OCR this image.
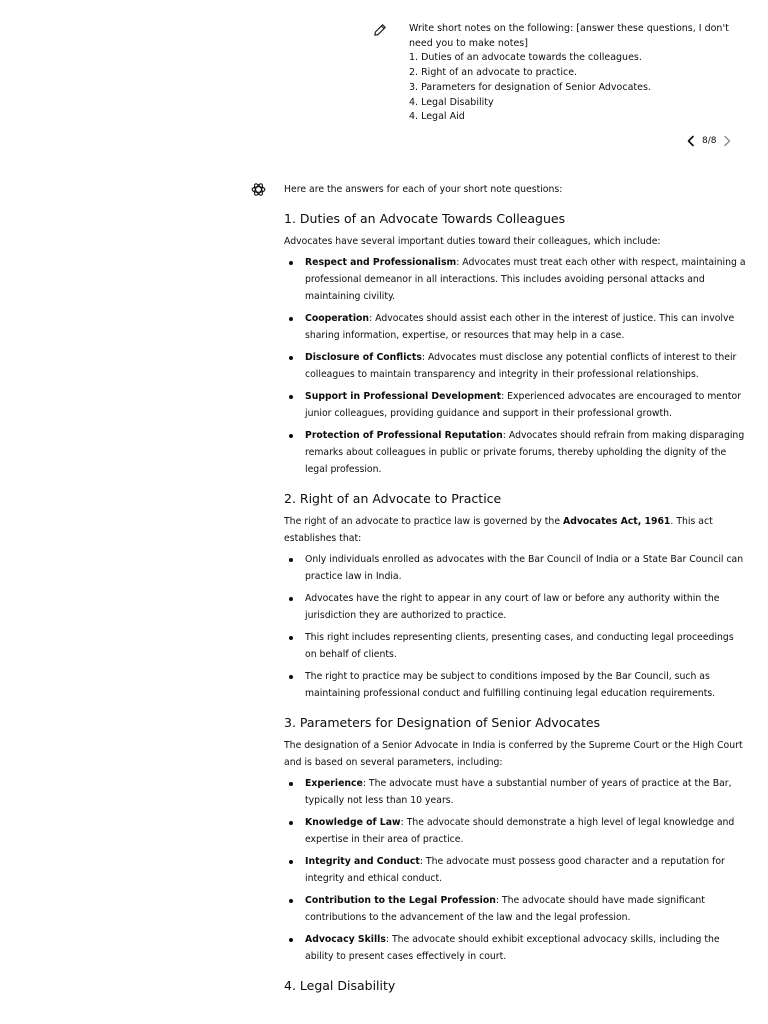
Write short notes on the following: [answer these questions, I don't need you to make notes]
1. Duties of an advocate towards the colleagues.
2. Right of an advocate to practice.
3. Parameters for designation of Senior Advocates.
4. Legal Disability
4. Legal Aid
8/8

Here are the answers for each of your short note questions:

1. Duties of an Advocate Towards Colleagues

Advocates have several important duties toward their colleagues, which include:

Respect and Professionalism: Advocates must treat each other with respect, maintaining a professional demeanor in all interactions. This includes avoiding personal attacks and maintaining civility.
Cooperation: Advocates should assist each other in the interest of justice. This can involve sharing information, expertise, or resources that may help in a case.
Disclosure of Conflicts: Advocates must disclose any potential conflicts of interest to their colleagues to maintain transparency and integrity in their professional relationships.
Support in Professional Development: Experienced advocates are encouraged to mentor junior colleagues, providing guidance and support in their professional growth.
Protection of Professional Reputation: Advocates should refrain from making disparaging remarks about colleagues in public or private forums, thereby upholding the dignity of the legal profession.
2. Right of an Advocate to Practice

The right of an advocate to practice law is governed by the Advocates Act, 1961. This act establishes that:

Only individuals enrolled as advocates with the Bar Council of India or a State Bar Council can practice law in India.
Advocates have the right to appear in any court of law or before any authority within the jurisdiction they are authorized to practice.
This right includes representing clients, presenting cases, and conducting legal proceedings on behalf of clients.
The right to practice may be subject to conditions imposed by the Bar Council, such as maintaining professional conduct and fulfilling continuing legal education requirements.
3. Parameters for Designation of Senior Advocates

The designation of a Senior Advocate in India is conferred by the Supreme Court or the High Court and is based on several parameters, including:

Experience: The advocate must have a substantial number of years of practice at the Bar, typically not less than 10 years.
Knowledge of Law: The advocate should demonstrate a high level of legal knowledge and expertise in their area of practice.
Integrity and Conduct: The advocate must possess good character and a reputation for integrity and ethical conduct.
Contribution to the Legal Profession: The advocate should have made significant contributions to the advancement of the law and the legal profession.
Advocacy Skills: The advocate should exhibit exceptional advocacy skills, including the ability to present cases effectively in court.
4. Legal Disability
